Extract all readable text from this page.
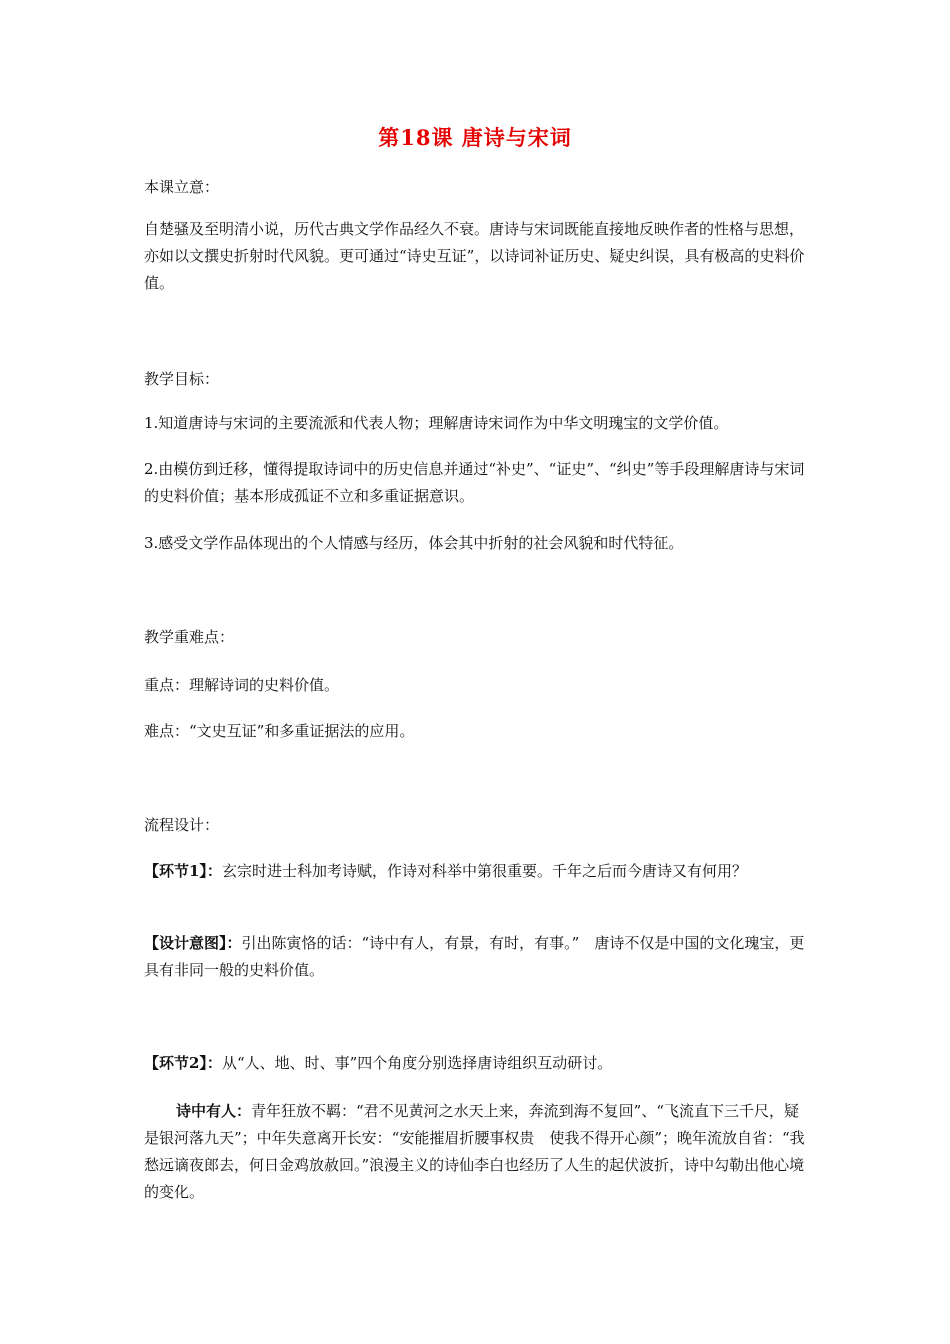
第18课 唐诗与宋词

本课立意：

自楚骚及至明清小说，历代古典文学作品经久不衰。唐诗与宋词既能直接地反映作者的性格与思想，亦如以文撰史折射时代风貌。更可通过“诗史互证”，以诗词补证历史、疑史纠误，具有极高的史料价值。

教学目标：

1.知道唐诗与宋词的主要流派和代表人物；理解唐诗宋词作为中华文明瑰宝的文学价值。

2.由模仿到迁移，懂得提取诗词中的历史信息并通过“补史”、“证史”、“纠史”等手段理解唐诗与宋词的史料价值；基本形成孤证不立和多重证据意识。

3.感受文学作品体现出的个人情感与经历，体会其中折射的社会风貌和时代特征。

教学重难点：

重点：理解诗词的史料价值。

难点：“文史互证”和多重证据法的应用。

流程设计：

【环节1】：玄宗时进士科加考诗赋，作诗对科举中第很重要。千年之后而今唐诗又有何用？

【设计意图】：引出陈寅恪的话：“诗中有人，有景，有时，有事。”　唐诗不仅是中国的文化瑰宝，更具有非同一般的史料价值。

【环节2】：从“人、地、时、事”四个角度分别选择唐诗组织互动研讨。

诗中有人：青年狂放不羁：“君不见黄河之水天上来，奔流到海不复回”、“飞流直下三千尺，疑是银河落九天”；中年失意离开长安：“安能摧眉折腰事权贵　使我不得开心颜”；晚年流放自省：“我愁远谪夜郎去，何日金鸡放赦回。”浪漫主义的诗仙李白也经历了人生的起伏波折，诗中勾勒出他心境的变化。
